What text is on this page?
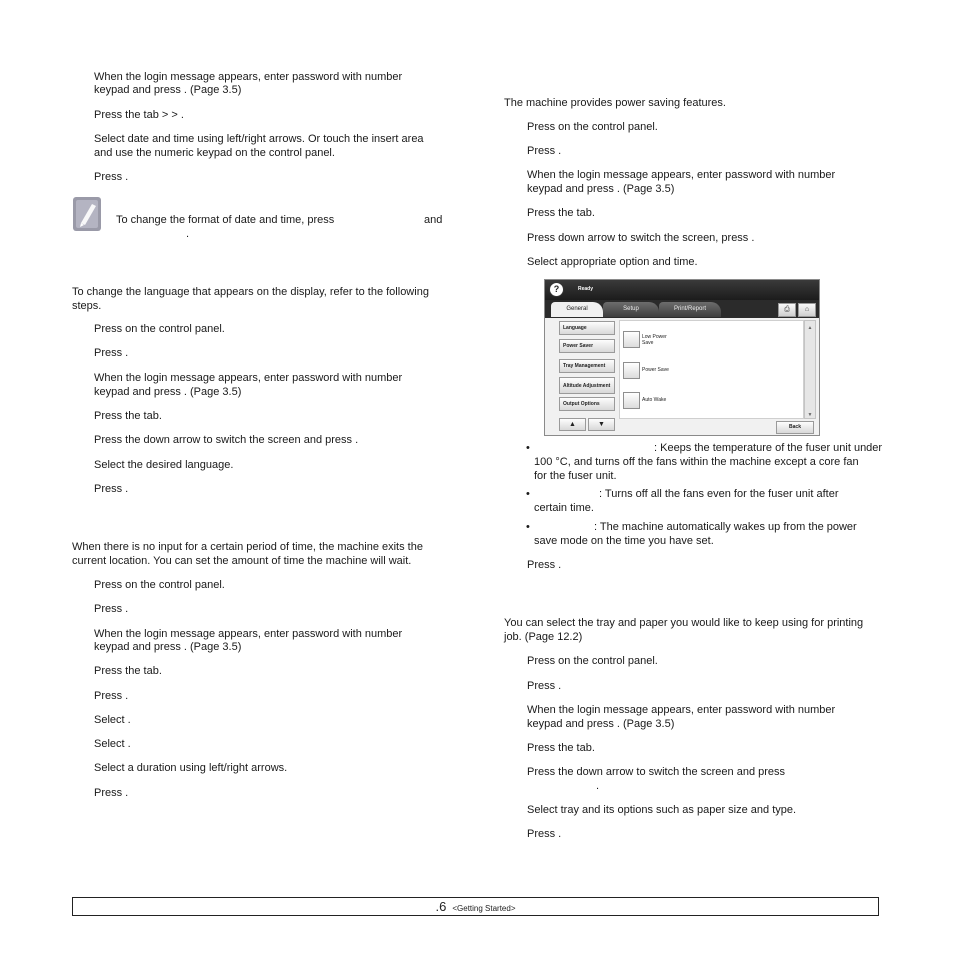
When the login message appears, enter password with number

keypad and press . (Page 3.5)

Press the tab > > .

Select date and time using left/right arrows. Or touch the insert area

and use the numeric keypad on the control panel.

Press .

To change the format of date and time, press	and

.

To change the language that appears on the display, refer to the following

steps.

Press on the control panel.

Press .

When the login message appears, enter password with number

keypad and press . (Page 3.5)

Press the tab.

Press the down arrow to switch the screen and press .

Select the desired language.

Press .

When there is no input for a certain period of time, the machine exits the

current location. You can set the amount of time the machine will wait.

Press on the control panel.

Press .

When the login message appears, enter password with number

keypad and press . (Page 3.5)

Press the tab.

Press .

Select .

Select .

Select a duration using left/right arrows.

Press .

The machine provides power saving features.

Press on the control panel.

Press .

When the login message appears, enter password with number

keypad and press . (Page 3.5)

Press the tab.

Press down arrow to switch the screen, press .

Select appropriate option and time.

?	Ready
General	Setup	Print/Report	⎙	⌂
Language
Power Saver
Tray Management
Altitude Adjustment
Output Options
▲	▼
▲
▼
Low Power Save
Power Save
Auto Wake
Back

•	: Keeps the temperature of the fuser unit under

100 °C, and turns off the fans within the machine except a core fan

for the fuser unit.

•	: Turns off all the fans even for the fuser unit after

certain time.

•	: The machine automatically wakes up from the power

save mode on the time you have set.

Press .

You can select the tray and paper you would like to keep using for printing

job. (Page 12.2)

Press on the control panel.

Press .

When the login message appears, enter password with number

keypad and press . (Page 3.5)

Press the tab.

Press the down arrow to switch the screen and press

.

Select tray and its options such as paper size and type.

Press .

.6 <Getting Started>
